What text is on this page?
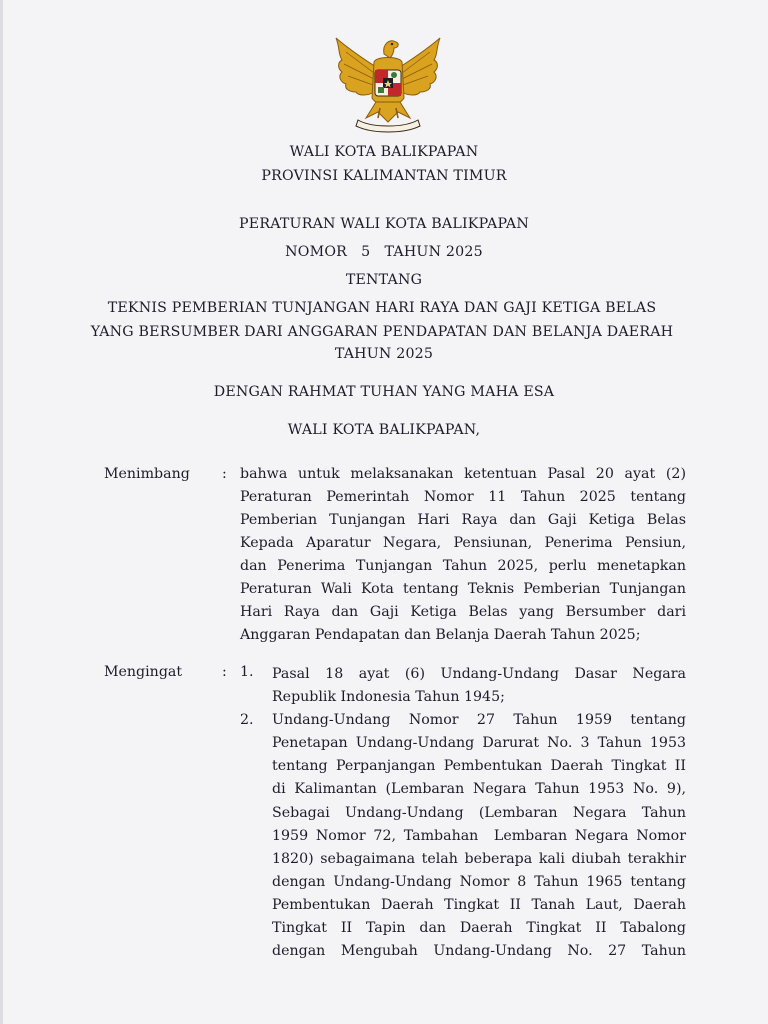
WALI KOTA BALIKPAPAN
PROVINSI KALIMANTAN TIMUR
PERATURAN WALI KOTA BALIKPAPAN
NOMOR   5   TAHUN 2025
TENTANG
TEKNIS PEMBERIAN TUNJANGAN HARI RAYA DAN GAJI KETIGA BELAS
YANG BERSUMBER DARI ANGGARAN PENDAPATAN DAN BELANJA DAERAH
TAHUN 2025
DENGAN RAHMAT TUHAN YANG MAHA ESA
WALI KOTA BALIKPAPAN,
Menimbang : bahwa untuk melaksanakan ketentuan Pasal 20 ayat (2)
Peraturan Pemerintah Nomor 11 Tahun 2025 tentang
Pemberian Tunjangan Hari Raya dan Gaji Ketiga Belas
Kepada Aparatur Negara, Pensiunan, Penerima Pensiun,
dan Penerima Tunjangan Tahun 2025, perlu menetapkan
Peraturan Wali Kota tentang Teknis Pemberian Tunjangan
Hari Raya dan Gaji Ketiga Belas yang Bersumber dari
Anggaran Pendapatan dan Belanja Daerah Tahun 2025;
Mengingat	: 1. Pasal 18 ayat (6) Undang-Undang Dasar Negara
Republik Indonesia Tahun 1945;
2. Undang-Undang Nomor 27 Tahun 1959 tentang
Penetapan Undang-Undang Darurat No. 3 Tahun 1953
tentang Perpanjangan Pembentukan Daerah Tingkat II
di Kalimantan (Lembaran Negara Tahun 1953 No. 9),
Sebagai Undang-Undang (Lembaran Negara Tahun
1959 Nomor 72, Tambahan  Lembaran Negara Nomor
1820) sebagaimana telah beberapa kali diubah terakhir
dengan Undang-Undang Nomor 8 Tahun 1965 tentang
Pembentukan Daerah Tingkat II Tanah Laut, Daerah
Tingkat II Tapin dan Daerah Tingkat II Tabalong
dengan Mengubah Undang-Undang No. 27 Tahun
